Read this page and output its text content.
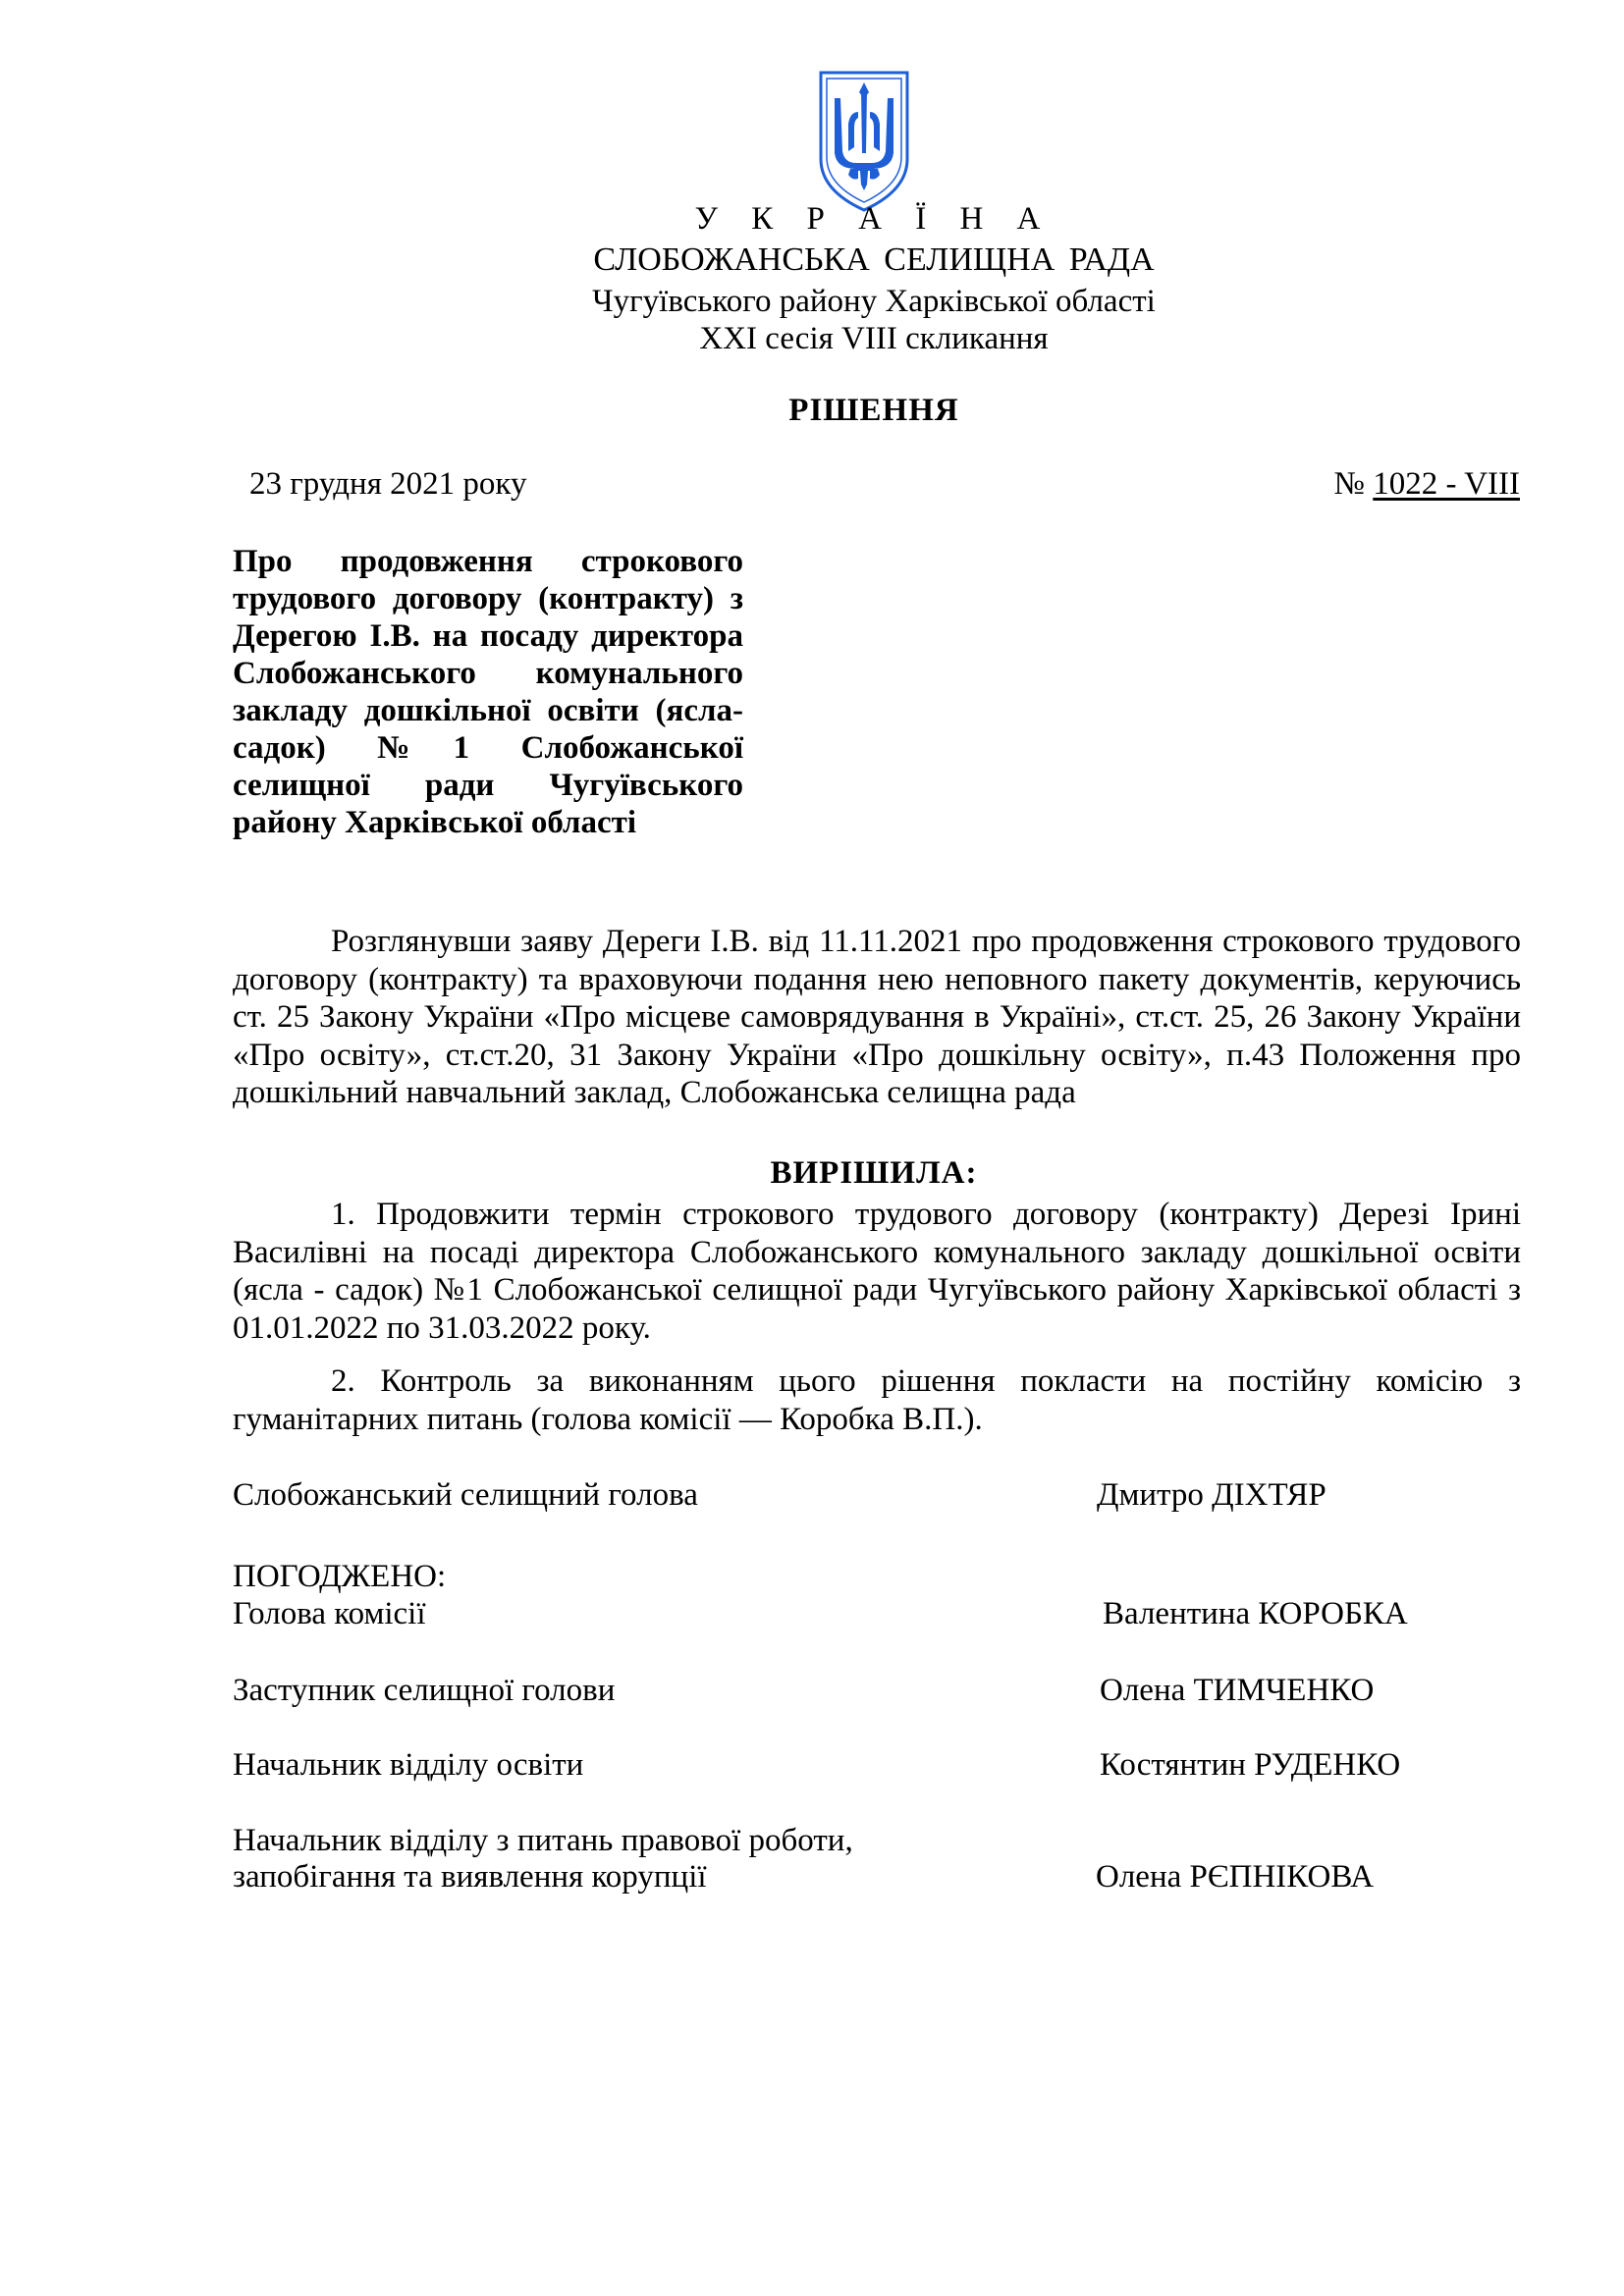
У К Р А Ї Н А
СЛОБОЖАНСЬКА СЕЛИЩНА РАДА
Чугуївського району Харківської області
XXI сесія VIII скликання
РІШЕННЯ
23 грудня 2021 року	№ 1022 - VIII
Про продовження строкового трудового договору (контракту) з Дерегою І.В. на посаду директора Слобожанського комунального закладу дошкільної освіти (ясла-садок) №1 Слобожанської селищної ради Чугуївського району Харківської області
Розглянувши заяву Дереги І.В. від 11.11.2021 про продовження строкового трудового договору (контракту) та враховуючи подання нею неповного пакету документів, керуючись ст. 25 Закону України «Про місцеве самоврядування в Україні», ст.ст. 25, 26 Закону України «Про освіту», ст.ст.20, 31 Закону України «Про дошкільну освіту», п.43 Положення про дошкільний навчальний заклад, Слобожанська селищна рада
ВИРІШИЛА:
1. Продовжити термін строкового трудового договору (контракту) Дерезі Ірині Василівні на посаді директора Слобожанського комунального закладу дошкільної освіти (ясла - садок) №1 Слобожанської селищної ради Чугуївського району Харківської області з 01.01.2022 по 31.03.2022 року.
2. Контроль за виконанням цього рішення покласти на постійну комісію з гуманітарних питань (голова комісії — Коробка В.П.).
Слобожанський селищний голова	Дмитро ДІХТЯР
ПОГОДЖЕНО:
Голова комісії	Валентина КОРОБКА
Заступник селищної голови	Олена ТИМЧЕНКО
Начальник відділу освіти	Костянтин РУДЕНКО
Начальник відділу з питань правової роботи,
запобігання та виявлення корупції	Олена РЄПНІКОВА
